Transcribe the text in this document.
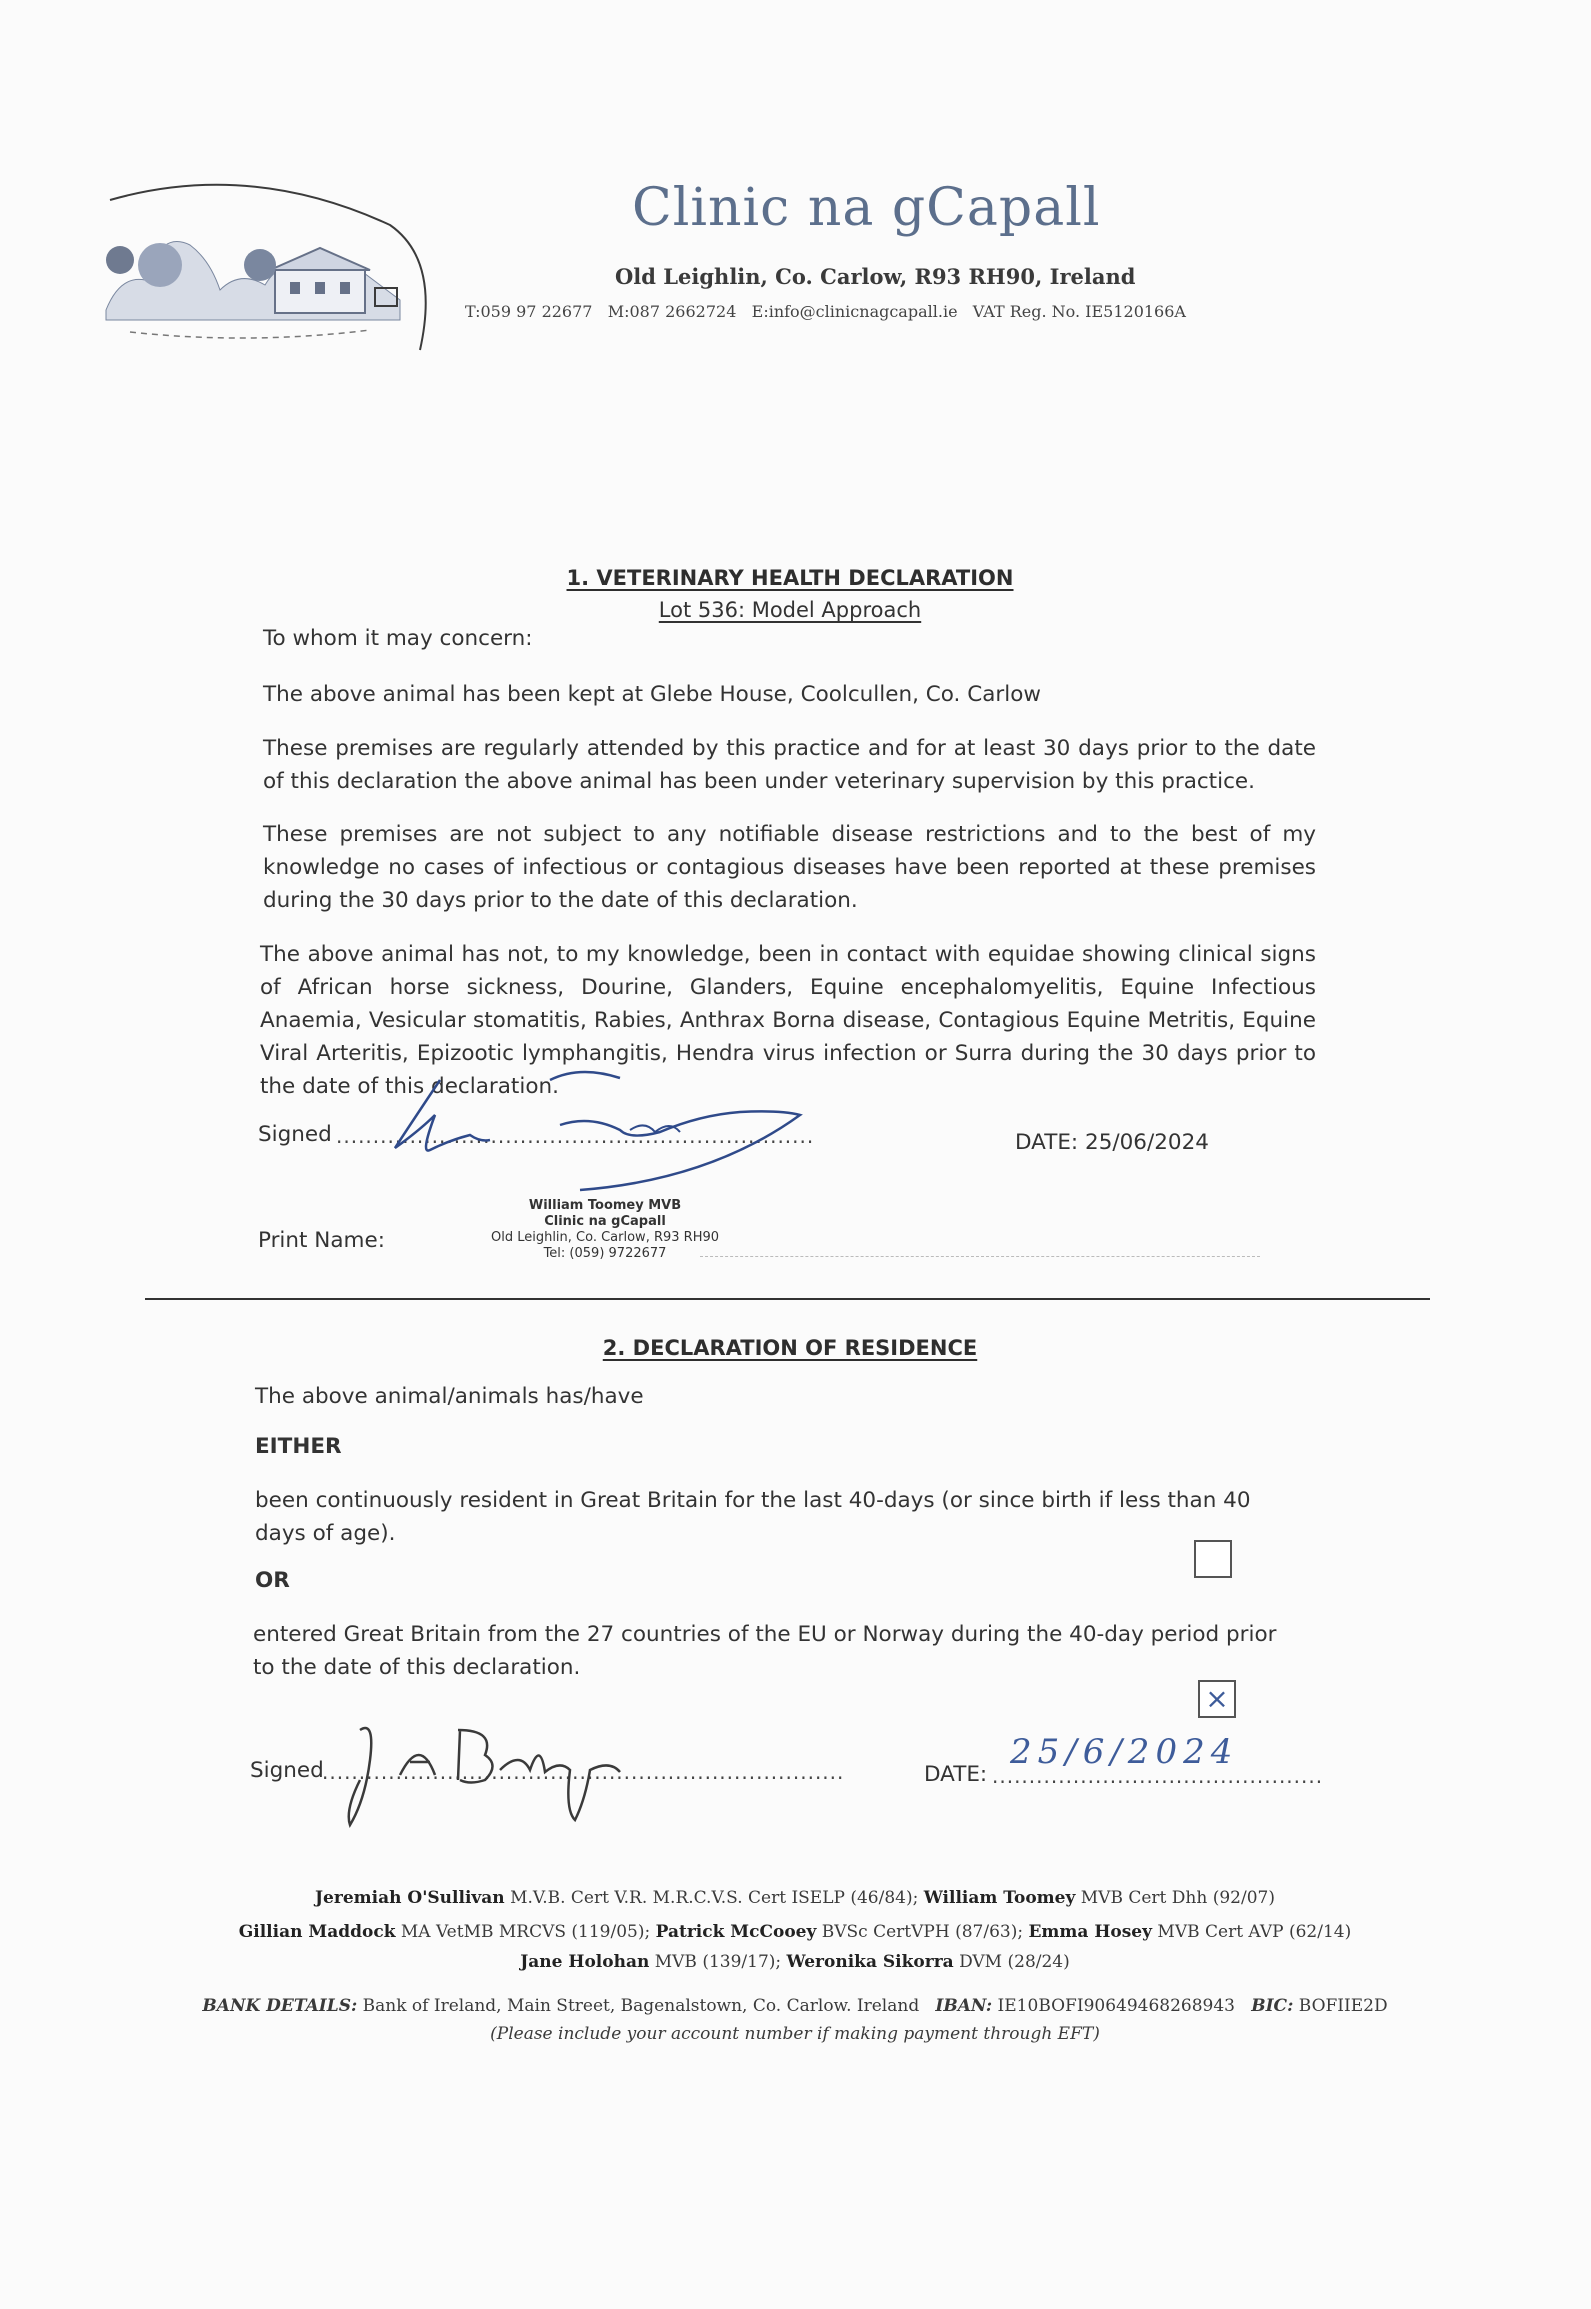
Clinic na gCapall
Old Leighlin, Co. Carlow, R93 RH90, Ireland
T:059 97 22677   M:087 2662724   E:info@clinicnagcapall.ie   VAT Reg. No. IE5120166A
1. VETERINARY HEALTH DECLARATION
Lot 536: Model Approach
To whom it may concern:
The above animal has been kept at Glebe House, Coolcullen, Co. Carlow
These premises are regularly attended by this practice and for at least 30 days prior to the date of this declaration the above animal has been under veterinary supervision by this practice.
These premises are not subject to any notifiable disease restrictions and to the best of my knowledge no cases of infectious or contagious diseases have been reported at these premises during the 30 days prior to the date of this declaration.
The above animal has not, to my knowledge, been in contact with equidae showing clinical signs of African horse sickness, Dourine, Glanders, Equine encephalomyelitis, Equine Infectious Anaemia, Vesicular stomatitis, Rabies, Anthrax Borna disease, Contagious Equine Metritis, Equine Viral Arteritis, Epizootic lymphangitis, Hendra virus infection or Surra during the 30 days prior to the date of this declaration.
Signed .................................................................	DATE: 25/06/2024
Print Name:
William Toomey MVB
Clinic na gCapall
Old Leighlin, Co. Carlow, R93 RH90
Tel: (059) 9722677
2. DECLARATION OF RESIDENCE
The above animal/animals has/have
EITHER
been continuously resident in Great Britain for the last 40-days (or since birth if less than 40 days of age).
OR
entered Great Britain from the 27 countries of the EU or Norway during the 40-day period prior to the date of this declaration.
×
Signed
.......................................................................	DATE: .............................................
25/6/2024
Jeremiah O'Sullivan M.V.B. Cert V.R. M.R.C.V.S. Cert ISELP (46/84); William Toomey MVB Cert Dhh (92/07)
Gillian Maddock MA VetMB MRCVS (119/05); Patrick McCooey BVSc CertVPH (87/63); Emma Hosey MVB Cert AVP (62/14)
Jane Holohan MVB (139/17); Weronika Sikorra DVM (28/24)
BANK DETAILS: Bank of Ireland, Main Street, Bagenalstown, Co. Carlow. Ireland   IBAN: IE10BOFI90649468268943   BIC: BOFIIE2D
(Please include your account number if making payment through EFT)
